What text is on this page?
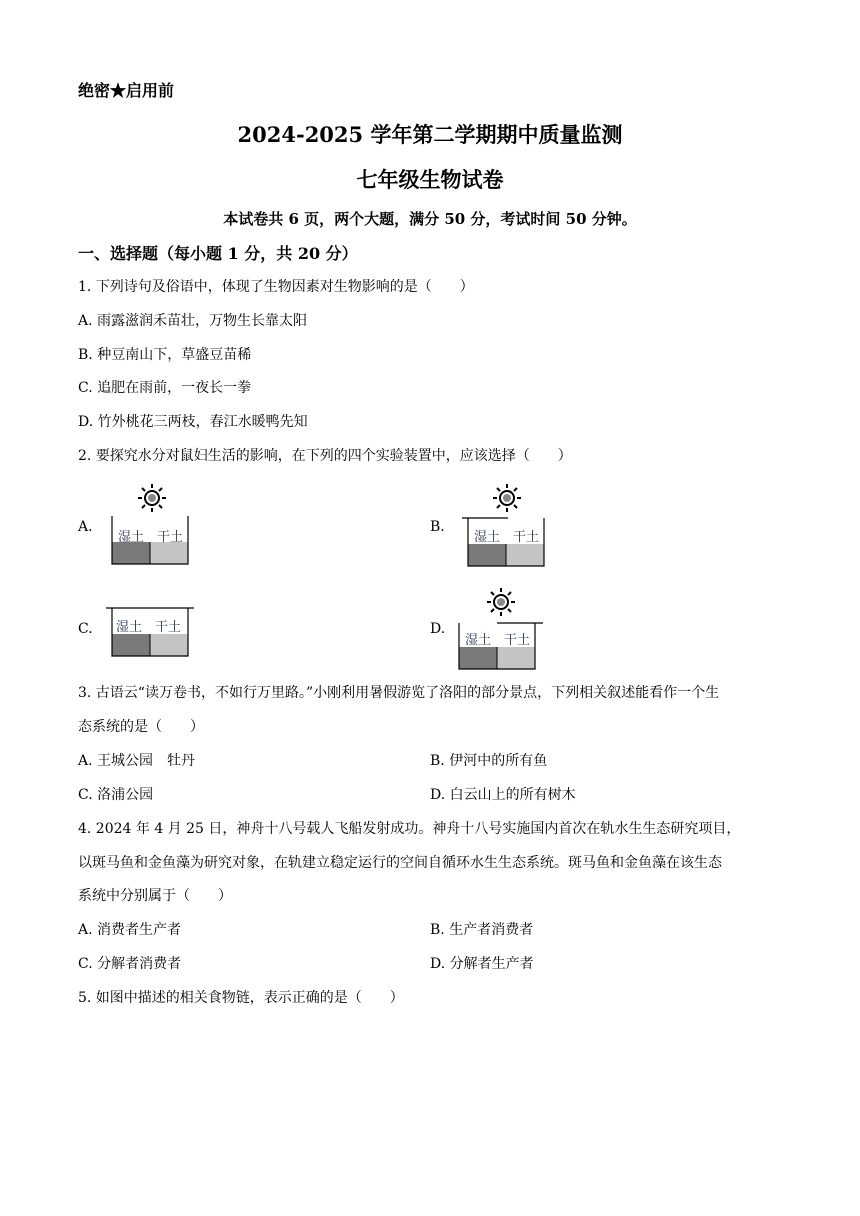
绝密★启用前
2024-2025 学年第二学期期中质量监测
七年级生物试卷
本试卷共 6 页，两个大题，满分 50 分，考试时间 50 分钟。
一、选择题（每小题 1 分，共 20 分）
1. 下列诗句及俗语中，体现了生物因素对生物影响的是（　　）
A. 雨露滋润禾苗壮，万物生长靠太阳
B. 种豆南山下，草盛豆苗稀
C. 追肥在雨前，一夜长一拳
D. 竹外桃花三两枝，春江水暖鸭先知
2. 要探究水分对鼠妇生活的影响，在下列的四个实验装置中，应该选择（　　）
A.
湿土 干土
B.
湿土 干土
C. 湿土 干土	D.
湿土 干土
3. 古语云“读万卷书，不如行万里路。”小刚利用暑假游览了洛阳的部分景点，下列相关叙述能看作一个生
态系统的是（　　）
A. 王城公园　牡丹	B. 伊河中的所有鱼
C. 洛浦公园	D. 白云山上的所有树木
4. 2024 年 4 月 25 日，神舟十八号载人飞船发射成功。神舟十八号实施国内首次在轨水生生态研究项目，
以斑马鱼和金鱼藻为研究对象，在轨建立稳定运行的空间自循环水生生态系统。斑马鱼和金鱼藻在该生态
系统中分别属于（　　）
A. 消费者生产者	B. 生产者消费者
C. 分解者消费者	D. 分解者生产者
5. 如图中描述的相关食物链，表示正确的是（　　）
